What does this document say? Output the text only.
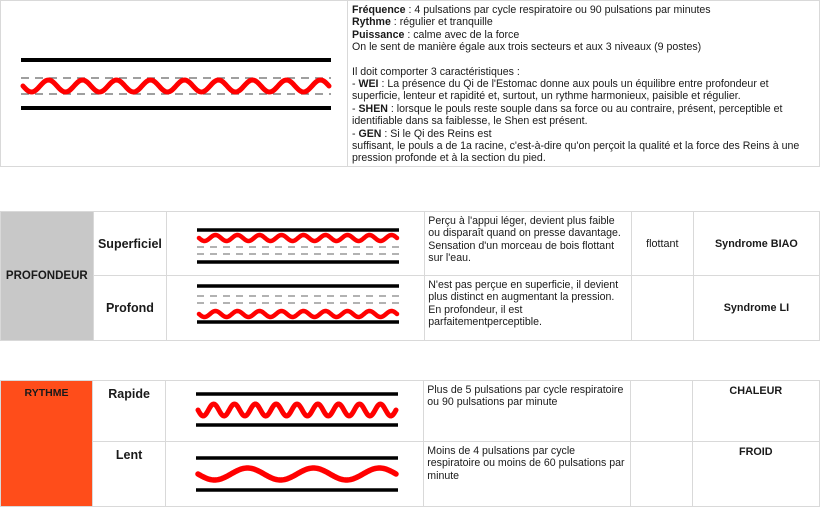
Fréquence : 4 pulsations par cycle respiratoire ou 90 pulsations par minutes

Rythme : régulier et tranquille

Puissance : calme avec de la force

On le sent de manière égale aux trois secteurs et aux 3 niveaux (9 postes)

Il doit comporter 3 caractéristiques :

- WEI : La présence du Qi de l'Estomac donne aux pouls un équilibre entre profondeur et superficie, lenteur et rapidité et, surtout, un rythme harmonieux, paisible et régulier.

- SHEN : lorsque le pouls reste souple dans sa force ou au contraire, présent, perceptible et identifiable dans sa faiblesse, le Shen est présent.

- GEN : Si le Qi des Reins est

suffisant, le pouls a de 1a racine, c'est-à-dire qu'on perçoit la qualité et la force des Reins à une pression profonde et à la section du pied.

PROFONDEUR	Superficiel		Perçu à l'appui léger, devient plus faible ou disparaît quand on presse davantage. Sensation d'un morceau de bois flottant sur l'eau.	flottant	Syndrome BIAO
	Profond		N'est pas perçue en superficie, il devient plus distinct en augmentant la pression. En profondeur, il est parfaitementperceptible.		Syndrome LI
RYTHME	Rapide		Plus de 5 pulsations par cycle respiratoire ou 90 pulsations par minute		CHALEUR
	Lent		Moins de 4 pulsations par cycle respiratoire ou moins de 60 pulsations par minute		FROID
